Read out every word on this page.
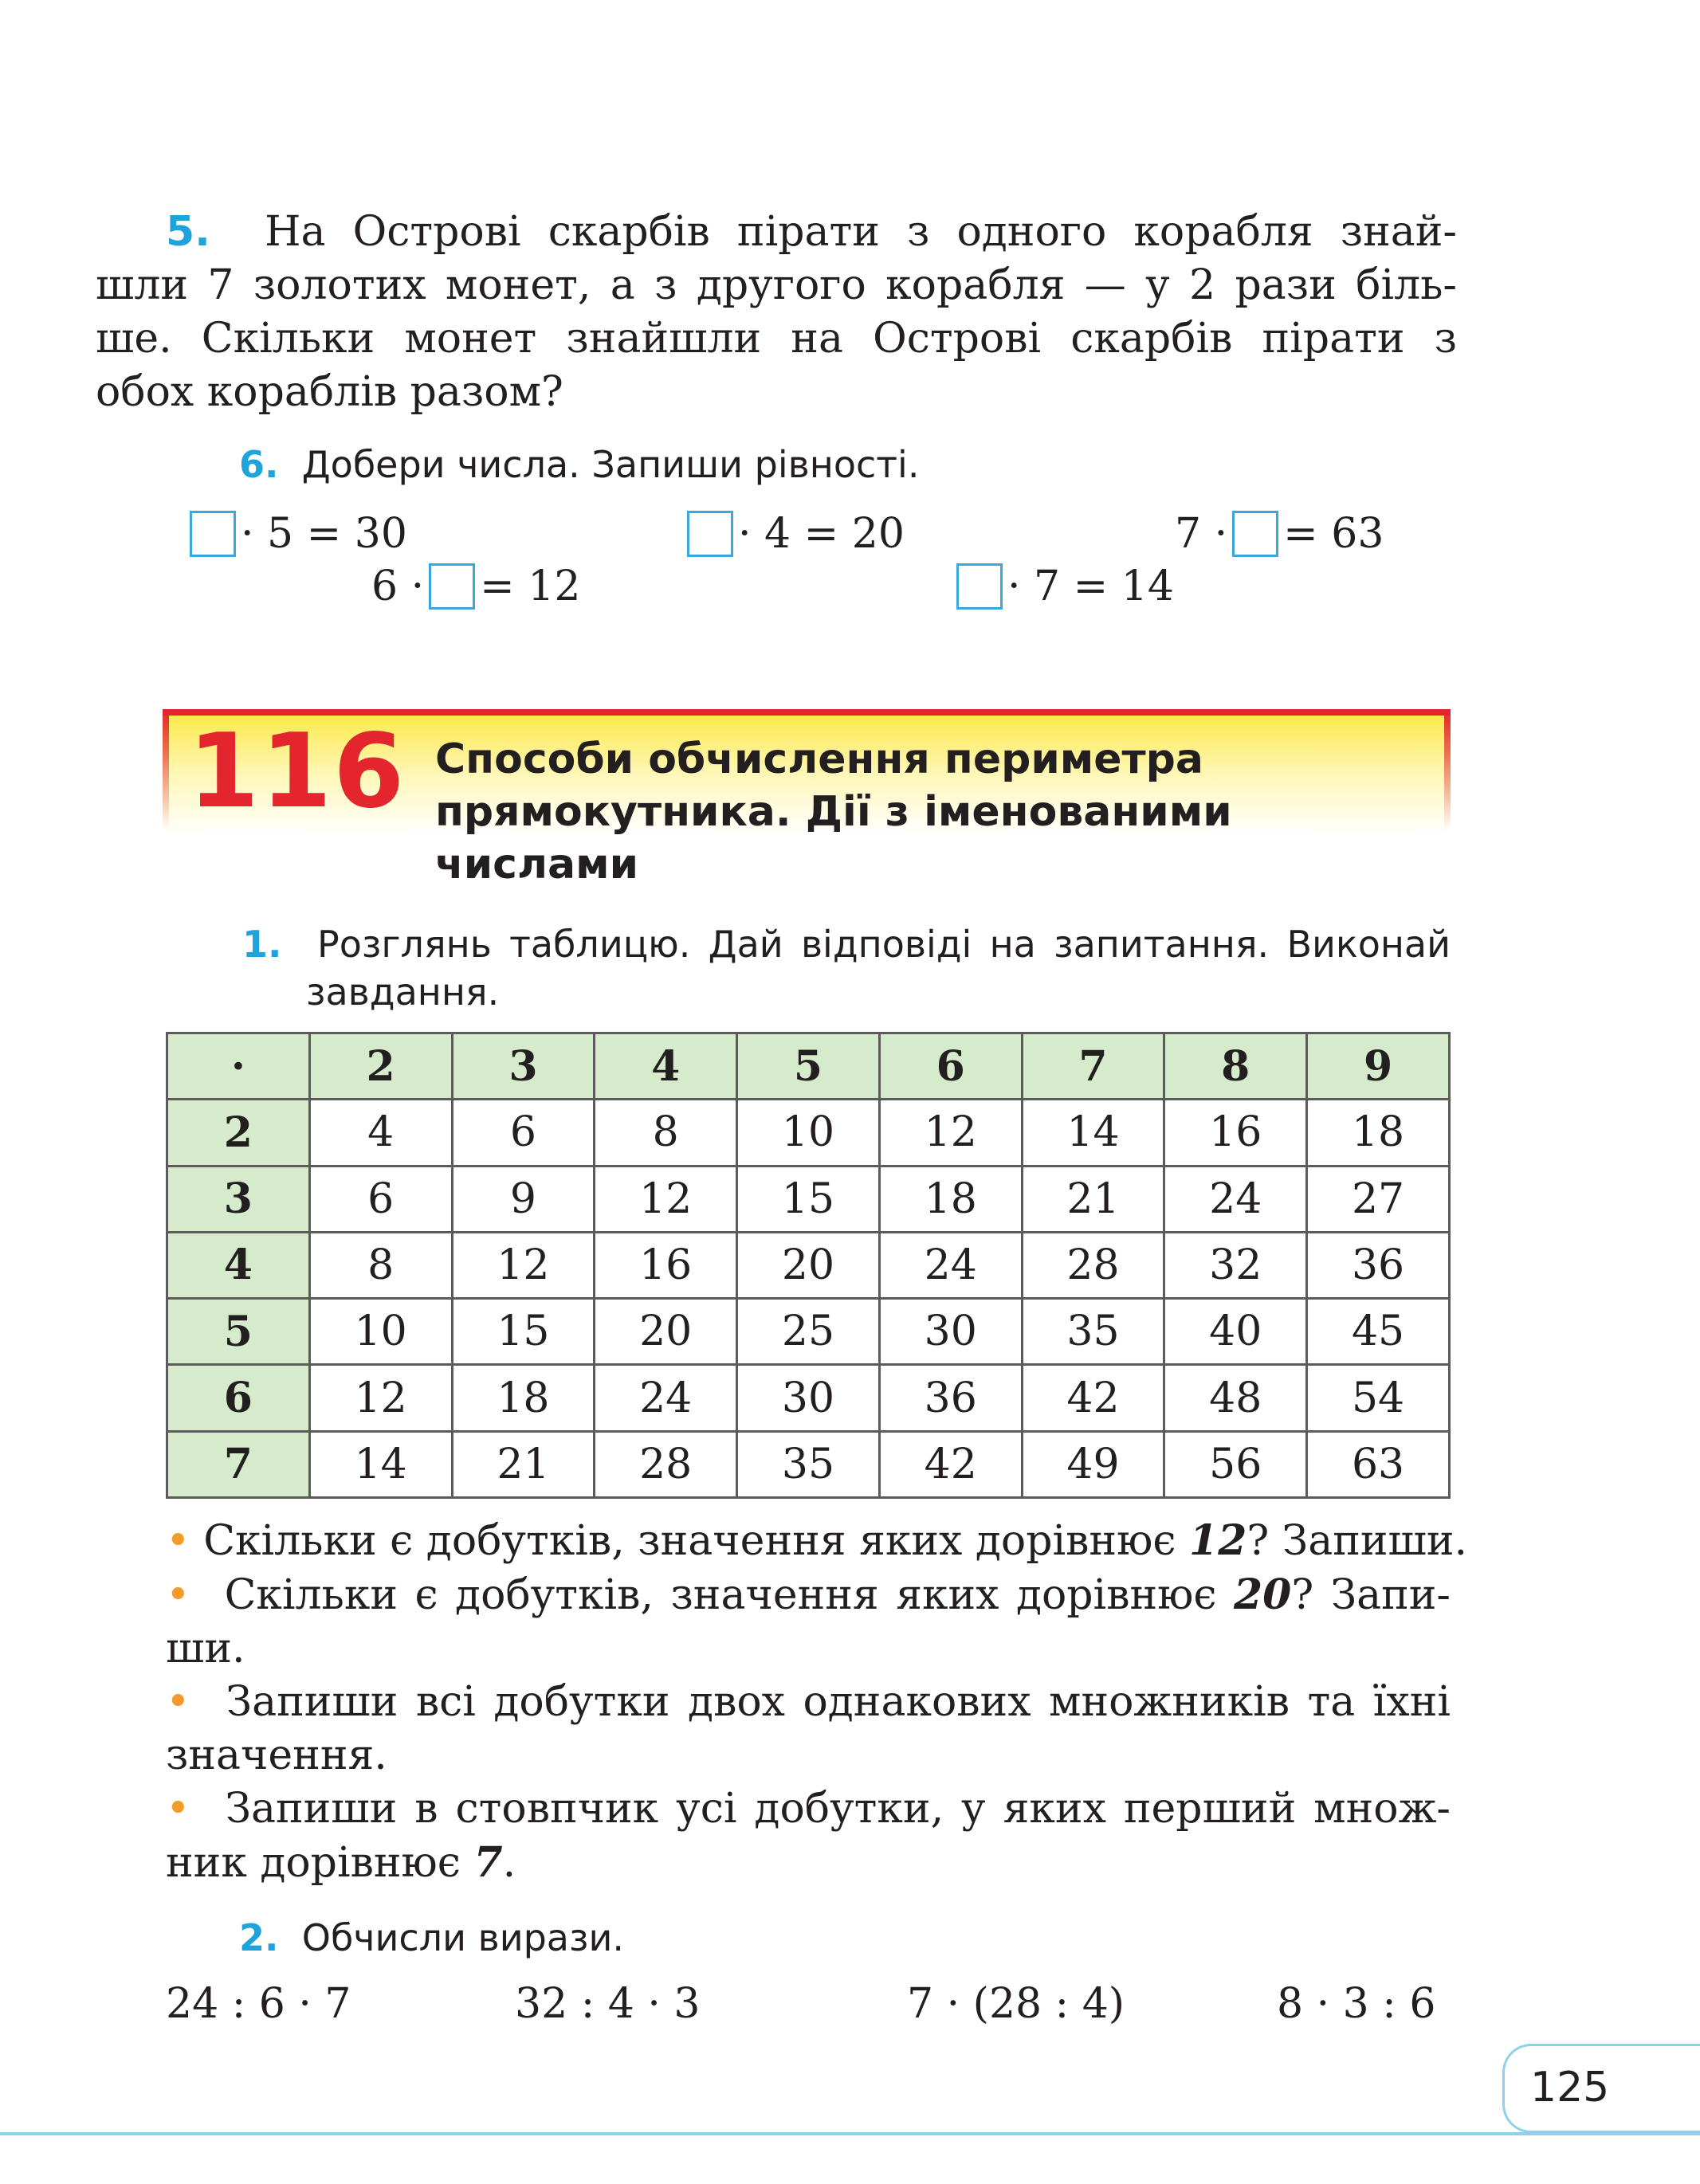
5. На Острові скарбів пірати з одного корабля знай-
шли 7 золотих монет, а з другого корабля — у 2 рази біль-
ше. Скільки монет знайшли на Острові скарбів пірати з
обох кораблів разом?
6. Добери числа. Запиши рівності.
· 5 = 30	· 4 = 20	7 · = 63
6 · = 12	· 7 = 14
116 Способи обчислення периметра
прямокутника. Дії з іменованими
числами
1. Розглянь таблицю. Дай відповіді на запитання. Виконай
завдання.
·	2	3	4	5	6	7	8	9
2	4	6	8	10	12	14	16	18
3	6	9	12	15	18	21	24	27
4	8	12	16	20	24	28	32	36
5	10	15	20	25	30	35	40	45
6	12	18	24	30	36	42	48	54
7	14	21	28	35	42	49	56	63
• Скільки є добутків, значення яких дорівнює 12? Запиши.
• Скільки є добутків, значення яких дорівнює 20? Запи-
ши.
• Запиши всі добутки двох однакових множників та їхні
значення.
• Запиши в стовпчик усі добутки, у яких перший множ-
ник дорівнює 7.
2. Обчисли вирази.
24 : 6 · 7	32 : 4 · 3	7 · (28 : 4)	8 · 3 : 6
125
